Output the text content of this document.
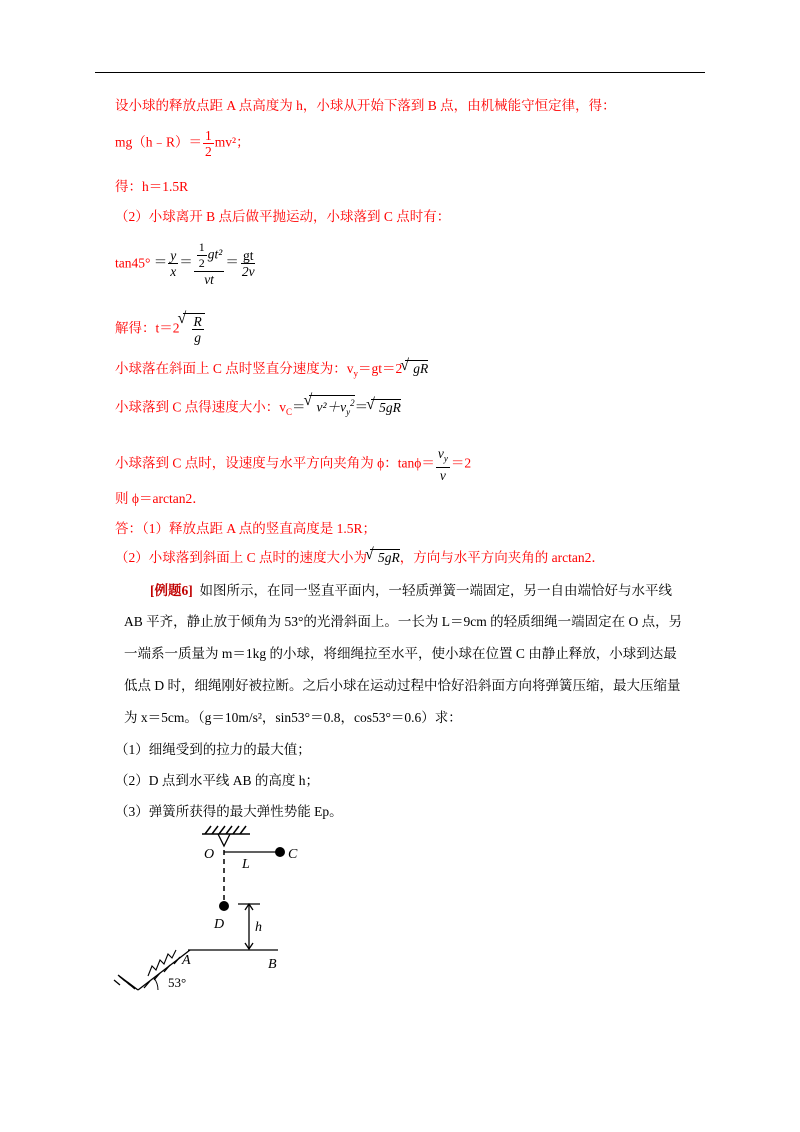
设小球的释放点距 A 点高度为 h，小球从开始下落到 B 点，由机械能守恒定律，得：
mg（h﹣R）＝ $\frac{1}{2} mv^2$；
得：h＝1.5R
（2）小球离开 B 点后做平抛运动，小球落到 C 点时有：
$\tan 45^\circ = \frac{y}{x} = \frac{\frac{1}{2} gt^2}{vt} = \frac{gt}{2v}$
解得：t＝2
√ $\frac{R}{g}$
小球落在斜面上 C 点时竖直分速度为：$v_y=gt=2√$ gR
小球落到 C 点得速度大小：$v_C=√$ $v^2+v_y^2=√$ 5gR
小球落到 C 点时，设速度与水平方向夹角为 ϕ：$\tan\phi= \frac{v_y}{v} =2$
则 ϕ＝arctan2．
答：（1）释放点距 A 点的竖直高度是 1.5R；
（2）小球落到斜面上 C 点时的速度大小为√ 5gR，方向与水平方向夹角的 arctan2．
[例题6] 如图所示，在同一竖直平面内，一轻质弹簧一端固定，另一自由端恰好与水平线
AB 平齐，静止放于倾角为 53°的光滑斜面上。一长为 L＝9cm 的轻质细绳一端固定在 O 点，另
一端系一质量为 m＝1kg 的小球，将细绳拉至水平，使小球在位置 C 由静止释放，小球到达最
低点 D 时，细绳刚好被拉断。之后小球在运动过程中恰好沿斜面方向将弹簧压缩，最大压缩量
为 x＝5cm。（g＝10m/s²，sin53°＝0.8，cos53°＝0.6）求：
（1）细绳受到的拉力的最大值；
（2）D 点到水平线 AB 的高度 h；
（3）弹簧所获得的最大弹性势能 Ep。
O	C
L
D h
A	B
53°
